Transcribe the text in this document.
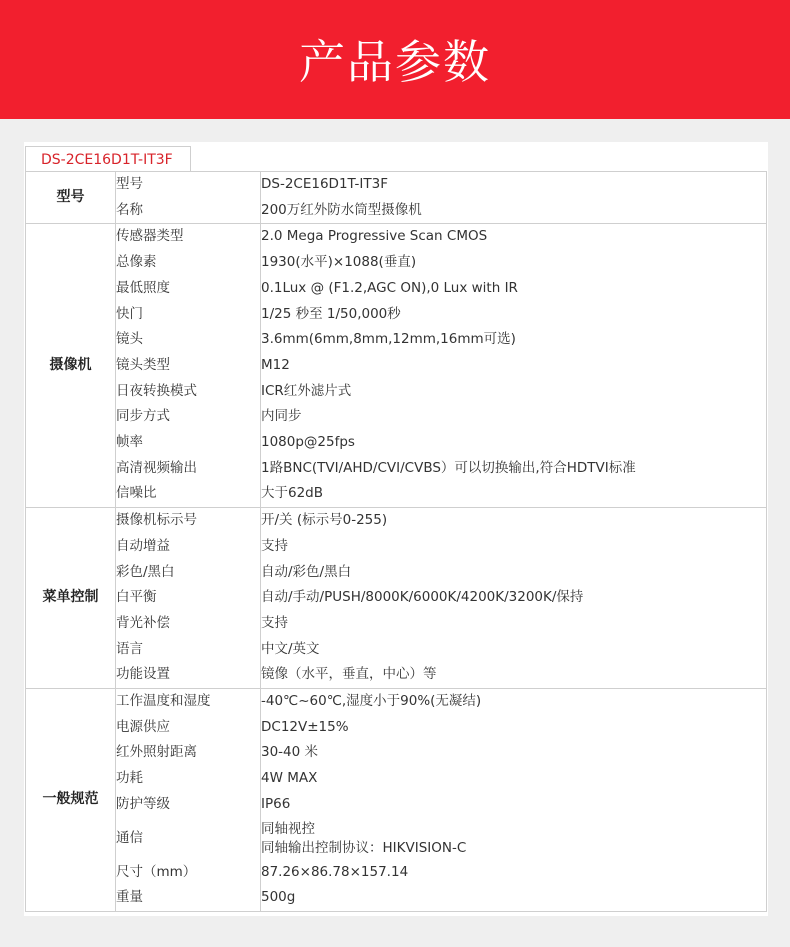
产品参数
DS-2CE16D1T-IT3F
型号	型号	DS-2CE16D1T-IT3F

	名称	200万红外防水筒型摄像机

摄像机	传感器类型	2.0 Mega Progressive Scan CMOS

	总像素	1930(水平)×1088(垂直)

	最低照度	0.1Lux @ (F1.2,AGC ON),0 Lux with IR

	快门	1/25 秒至 1/50,000秒

	镜头	3.6mm(6mm,8mm,12mm,16mm可选)

	镜头类型	M12

	日夜转换模式	ICR红外滤片式

	同步方式	内同步

	帧率	1080p@25fps

	高清视频输出	1路BNC(TVI/AHD/CVI/CVBS）可以切换输出,符合HDTVI标准

	信噪比	大于62dB

菜单控制	摄像机标示号	开/关 (标示号0-255)

	自动增益	支持

	彩色/黑白	自动/彩色/黑白

	白平衡	自动/手动/PUSH/8000K/6000K/4200K/3200K/保持

	背光补偿	支持

	语言	中文/英文

	功能设置	镜像（水平，垂直，中心）等

一般规范	工作温度和湿度	-40℃~60℃,湿度小于90%(无凝结)

	电源供应	DC12V±15%

	红外照射距离	30-40 米

	功耗	4W MAX

	防护等级	IP66

	通信	同轴视控
同轴输出控制协议：HIKVISION-C

	尺寸（mm）	87.26×86.78×157.14

	重量	500g
